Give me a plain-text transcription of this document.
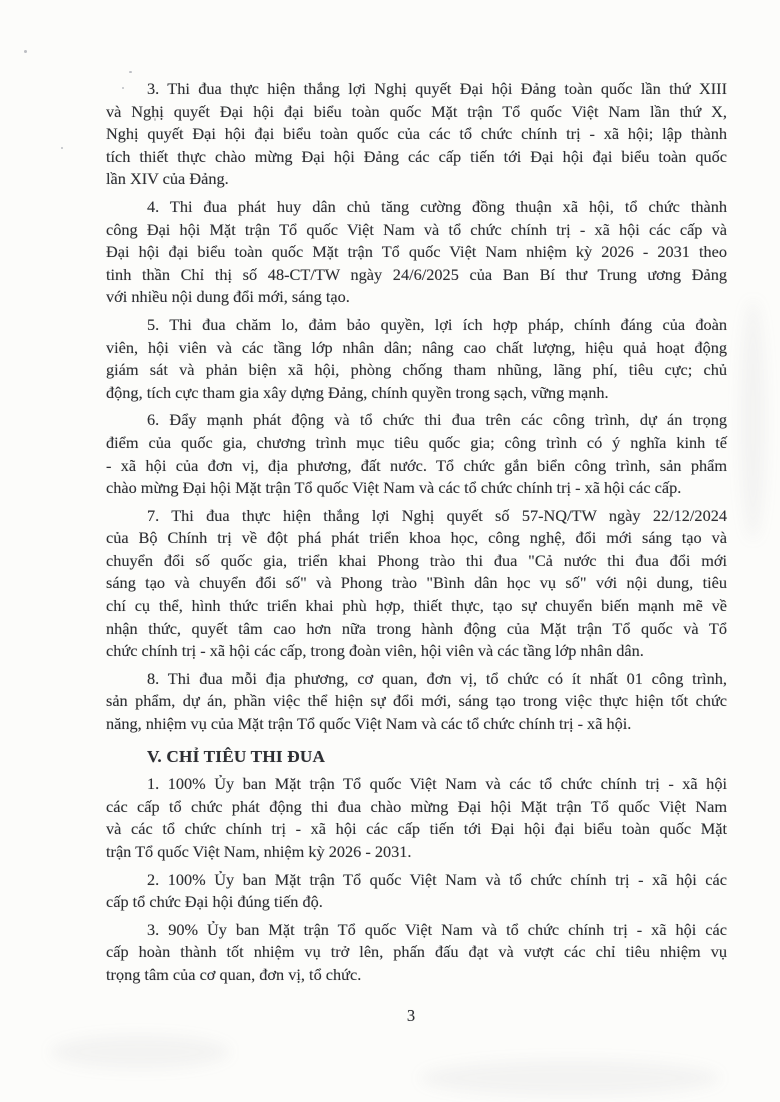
3. Thi đua thực hiện thắng lợi Nghị quyết Đại hội Đảng toàn quốc lần thứ XIII
và Nghị quyết Đại hội đại biểu toàn quốc Mặt trận Tổ quốc Việt Nam lần thứ X,
Nghị quyết Đại hội đại biểu toàn quốc của các tổ chức chính trị - xã hội; lập thành
tích thiết thực chào mừng Đại hội Đảng các cấp tiến tới Đại hội đại biểu toàn quốc
lần XIV của Đảng.
4. Thi đua phát huy dân chủ tăng cường đồng thuận xã hội, tổ chức thành
công Đại hội Mặt trận Tổ quốc Việt Nam và tổ chức chính trị - xã hội các cấp và
Đại hội đại biểu toàn quốc Mặt trận Tổ quốc Việt Nam nhiệm kỳ 2026 - 2031 theo
tinh thần Chỉ thị số 48-CT/TW ngày 24/6/2025 của Ban Bí thư Trung ương Đảng
với nhiều nội dung đổi mới, sáng tạo.
5. Thi đua chăm lo, đảm bảo quyền, lợi ích hợp pháp, chính đáng của đoàn
viên, hội viên và các tầng lớp nhân dân; nâng cao chất lượng, hiệu quả hoạt động
giám sát và phản biện xã hội, phòng chống tham nhũng, lãng phí, tiêu cực; chủ
động, tích cực tham gia xây dựng Đảng, chính quyền trong sạch, vững mạnh.
6. Đẩy mạnh phát động và tổ chức thi đua trên các công trình, dự án trọng
điểm của quốc gia, chương trình mục tiêu quốc gia; công trình có ý nghĩa kinh tế
- xã hội của đơn vị, địa phương, đất nước. Tổ chức gắn biển công trình, sản phẩm
chào mừng Đại hội Mặt trận Tổ quốc Việt Nam và các tổ chức chính trị - xã hội các cấp.
7. Thi đua thực hiện thắng lợi Nghị quyết số 57-NQ/TW ngày 22/12/2024
của Bộ Chính trị về đột phá phát triển khoa học, công nghệ, đổi mới sáng tạo và
chuyển đổi số quốc gia, triển khai Phong trào thi đua "Cả nước thi đua đổi mới
sáng tạo và chuyển đổi số" và Phong trào "Bình dân học vụ số" với nội dung, tiêu
chí cụ thể, hình thức triển khai phù hợp, thiết thực, tạo sự chuyển biến mạnh mẽ về
nhận thức, quyết tâm cao hơn nữa trong hành động của Mặt trận Tổ quốc và Tổ
chức chính trị - xã hội các cấp, trong đoàn viên, hội viên và các tầng lớp nhân dân.
8. Thi đua mỗi địa phương, cơ quan, đơn vị, tổ chức có ít nhất 01 công trình,
sản phẩm, dự án, phần việc thể hiện sự đổi mới, sáng tạo trong việc thực hiện tốt chức
năng, nhiệm vụ của Mặt trận Tổ quốc Việt Nam và các tổ chức chính trị - xã hội.
V. CHỈ TIÊU THI ĐUA
1. 100% Ủy ban Mặt trận Tổ quốc Việt Nam và các tổ chức chính trị - xã hội
các cấp tổ chức phát động thi đua chào mừng Đại hội Mặt trận Tổ quốc Việt Nam
và các tổ chức chính trị - xã hội các cấp tiến tới Đại hội đại biểu toàn quốc Mặt
trận Tổ quốc Việt Nam, nhiệm kỳ 2026 - 2031.
2. 100% Ủy ban Mặt trận Tổ quốc Việt Nam và tổ chức chính trị - xã hội các
cấp tổ chức Đại hội đúng tiến độ.
3. 90% Ủy ban Mặt trận Tổ quốc Việt Nam và tổ chức chính trị - xã hội các
cấp hoàn thành tốt nhiệm vụ trở lên, phấn đấu đạt và vượt các chỉ tiêu nhiệm vụ
trọng tâm của cơ quan, đơn vị, tổ chức.
3
